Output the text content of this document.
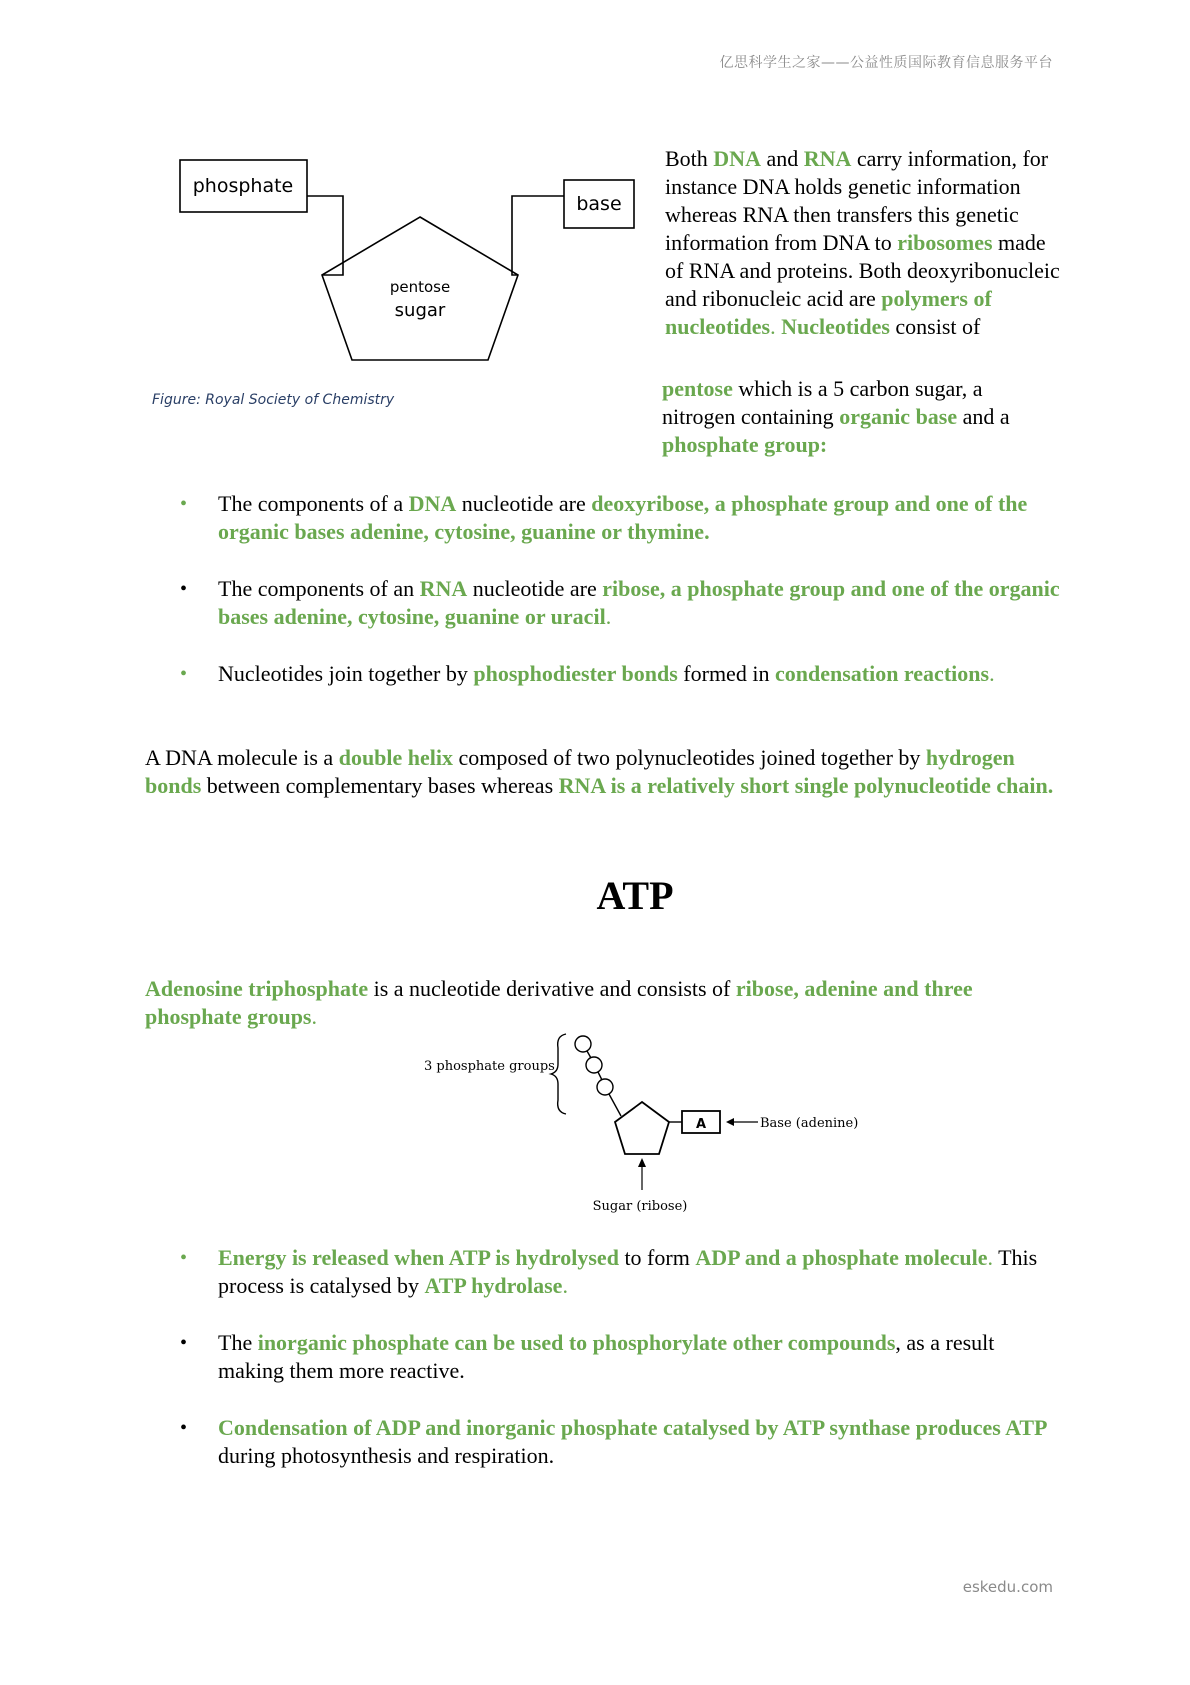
亿思科学生之家——公益性质国际教育信息服务平台
phosphate
base
pentose
sugar
Figure: Royal Society of Chemistry
Both DNA and RNA carry information, for instance DNA holds genetic information whereas RNA then transfers this genetic information from DNA to ribosomes made of RNA and proteins. Both deoxyribonucleic and ribonucleic acid are polymers of nucleotides. Nucleotides consist of
pentose which is a 5 carbon sugar, a nitrogen containing organic base and a phosphate group:
• The components of a DNA nucleotide are deoxyribose, a phosphate group and one of the organic bases adenine, cytosine, guanine or thymine.
• The components of an RNA nucleotide are ribose, a phosphate group and one of the organic bases adenine, cytosine, guanine or uracil.
• Nucleotides join together by phosphodiester bonds formed in condensation reactions.
A DNA molecule is a double helix composed of two polynucleotides joined together by hydrogen bonds between complementary bases whereas RNA is a relatively short single polynucleotide chain.
ATP
Adenosine triphosphate is a nucleotide derivative and consists of ribose, adenine and three phosphate groups.
3 phosphate groups
A	Base (adenine)
Sugar (ribose)
• Energy is released when ATP is hydrolysed to form ADP and a phosphate molecule. This process is catalysed by ATP hydrolase.
• The inorganic phosphate can be used to phosphorylate other compounds, as a result making them more reactive.
• Condensation of ADP and inorganic phosphate catalysed by ATP synthase produces ATP during photosynthesis and respiration.
eskedu.com
